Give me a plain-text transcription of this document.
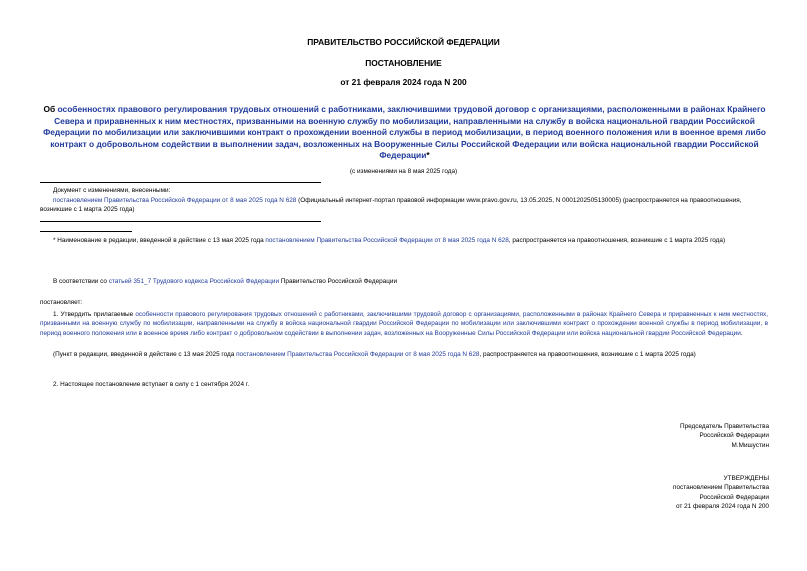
ПРАВИТЕЛЬСТВО РОССИЙСКОЙ ФЕДЕРАЦИИ
ПОСТАНОВЛЕНИЕ
от 21 февраля 2024 года N 200
Об особенностях правового регулирования трудовых отношений с работниками, заключившими трудовой договор с организациями, расположенными в районах Крайнего Севера и приравненных к ним местностях, призванными на военную службу по мобилизации, направленными на службу в войска национальной гвардии Российской Федерации по мобилизации или заключившими контракт о прохождении военной службы в период мобилизации, в период военного положения или в военное время либо контракт о добровольном содействии в выполнении задач, возложенных на Вооруженные Силы Российской Федерации или войска национальной гвардии Российской Федерации*
(с изменениями на 8 мая 2025 года)
Документ с изменениями, внесенными:
постановлением Правительства Российской Федерации от 8 мая 2025 года N 628 (Официальный интернет-портал правовой информации www.pravo.gov.ru, 13.05.2025, N 0001202505130005) (распространяется на правоотношения, возникшие с 1 марта 2025 года)
* Наименование в редакции, введенной в действие с 13 мая 2025 года постановлением Правительства Российской Федерации от 8 мая 2025 года N 628, распространяется на правоотношения, возникшие с 1 марта 2025 года)
В соответствии со статьей 351_7 Трудового кодекса Российской Федерации Правительство Российской Федерации
постановляет:
1. Утвердить прилагаемые особенности правового регулирования трудовых отношений с работниками, заключившими трудовой договор с организациями, расположенными в районах Крайнего Севера и приравненных к ним местностях, призванными на военную службу по мобилизации, направленными на службу в войска национальной гвардии Российской Федерации по мобилизации или заключившими контракт о прохождении военной службы в период мобилизации, в период военного положения или в военное время либо контракт о добровольном содействии в выполнении задач, возложенных на Вооруженные Силы Российской Федерации или войска национальной гвардии Российской Федерации.
(Пункт в редакции, введенной в действие с 13 мая 2025 года постановлением Правительства Российской Федерации от 8 мая 2025 года N 628, распространяется на правоотношения, возникшие с 1 марта 2025 года)
2. Настоящее постановление вступает в силу с 1 сентября 2024 г.

Председатель Правительства

Российской Федерации

М.Мишустин

УТВЕРЖДЕНЫ

постановлением Правительства

Российской Федерации

от 21 февраля 2024 года N 200
